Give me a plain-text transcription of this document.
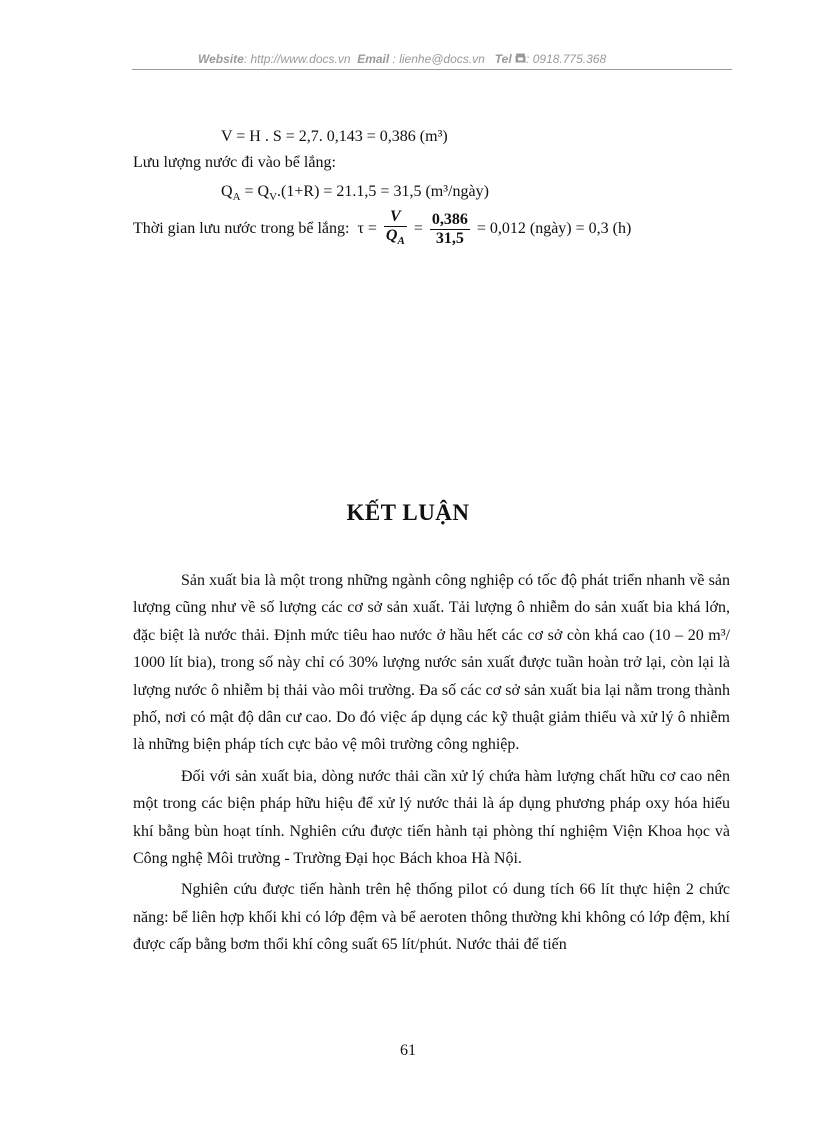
Website: http://www.docs.vn Email : lienhe@docs.vn Tel : 0918.775.368
V = H . S = 2,7. 0,143 = 0,386 (m³)
Lưu lượng nước đi vào bể lắng:
$Q_A = Q_V.(1+R) = 21.1,5 = 31,5$ (m³/ngày)
Thời gian lưu nước trong bể lắng: $\tau = \frac{V}{Q_A} = \frac{0,386}{31,5} = 0,012$ (ngày) = 0,3 (h)
KẾT LUẬN

Sản xuất bia là một trong những ngành công nghiệp có tốc độ phát triển nhanh về sản lượng cũng như về số lượng các cơ sở sản xuất. Tải lượng ô nhiễm do sản xuất bia khá lớn, đặc biệt là nước thải. Định mức tiêu hao nước ở hầu hết các cơ sở còn khá cao (10 – 20 m³/ 1000 lít bia), trong số này chỉ có 30% lượng nước sản xuất được tuần hoàn trở lại, còn lại là lượng nước ô nhiễm bị thải vào môi trường. Đa số các cơ sở sản xuất bia lại nằm trong thành phố, nơi có mật độ dân cư cao. Do đó việc áp dụng các kỹ thuật giảm thiểu và xử lý ô nhiễm là những biện pháp tích cực bảo vệ môi trường công nghiệp.

Đối với sản xuất bia, dòng nước thải cần xử lý chứa hàm lượng chất hữu cơ cao nên một trong các biện pháp hữu hiệu để xử lý nước thải là áp dụng phương pháp oxy hóa hiếu khí bằng bùn hoạt tính. Nghiên cứu được tiến hành tại phòng thí nghiệm Viện Khoa học và Công nghệ Môi trường - Trường Đại học Bách khoa Hà Nội.

Nghiên cứu được tiến hành trên hệ thống pilot có dung tích 66 lít thực hiện 2 chức năng: bể liên hợp khối khi có lớp đệm và bể aeroten thông thường khi không có lớp đệm, khí được cấp bằng bơm thổi khí công suất 65 lít/phút. Nước thải để tiến

61
